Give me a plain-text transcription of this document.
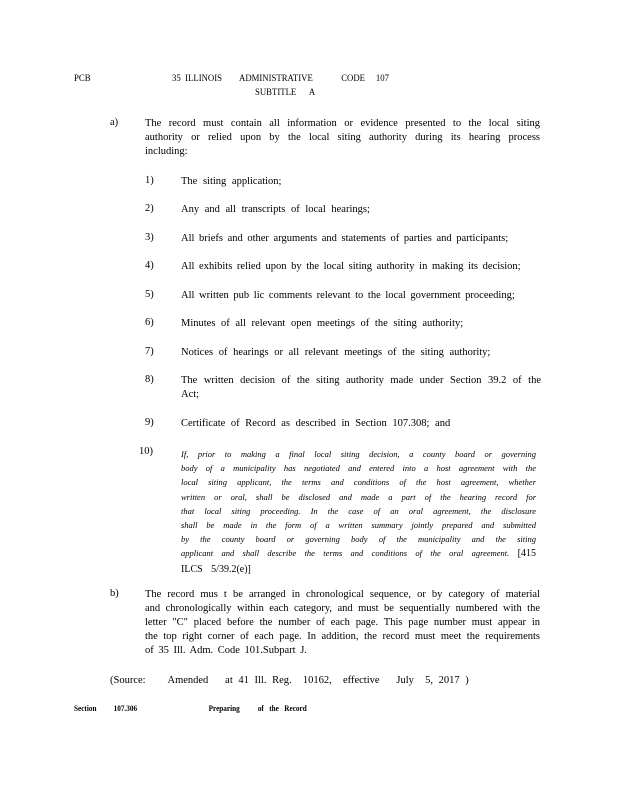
PCB	35  ILLINOIS        ADMINISTRATIVE             CODE     107
SUBTITLE      A
a)	The record must contain all information or evidence presented to the local siting authority or relied upon by the local siting authority during its hearing process including:
1)	The siting application;
2)	Any and all transcripts of local hearings;
3)	All briefs and other arguments and statements of parties and participants;
4)	All exhibits relied upon by the local siting authority in making its decision;
5)	All written pub lic comments relevant to the local government proceeding;
6)	Minutes of all relevant open meetings of the siting authority;
7)	Notices of hearings or all relevant meetings of the siting authority;
8)	The written decision of the siting authority made under Section 39.2 of the Act;
9)	Certificate of Record as described in Section 107.308; and
10)	If, prior to making a final local siting decision, a county board or governing body of a municipality has negotiated and entered into a host agreement with the local siting applicant, the terms and conditions of the host agreement, whether written or oral, shall be disclosed and made a part of the hearing record for that local siting proceeding. In the case of an oral agreement, the disclosure shall be made in the form of a written summary jointly prepared and submitted by the county board or governing body of the municipality and the siting applicant and shall describe the terms and conditions of the oral agreement. [415 ILCS 5/39.2(e)]
b)	The record mus t be arranged in chronological sequence, or by category of material and chronologically within each category, and must be sequentially numbered with the letter "C" placed before the number of each page. This page number must appear in the top right corner of each page. In addition, the record must meet the requirements of 35 Ill. Adm. Code 101.Subpart J.
(Source:    Amended   at 41 Ill. Reg.  10162,  effective   July  5, 2017 )
Section 107.306	Preparing          of   the   Record
